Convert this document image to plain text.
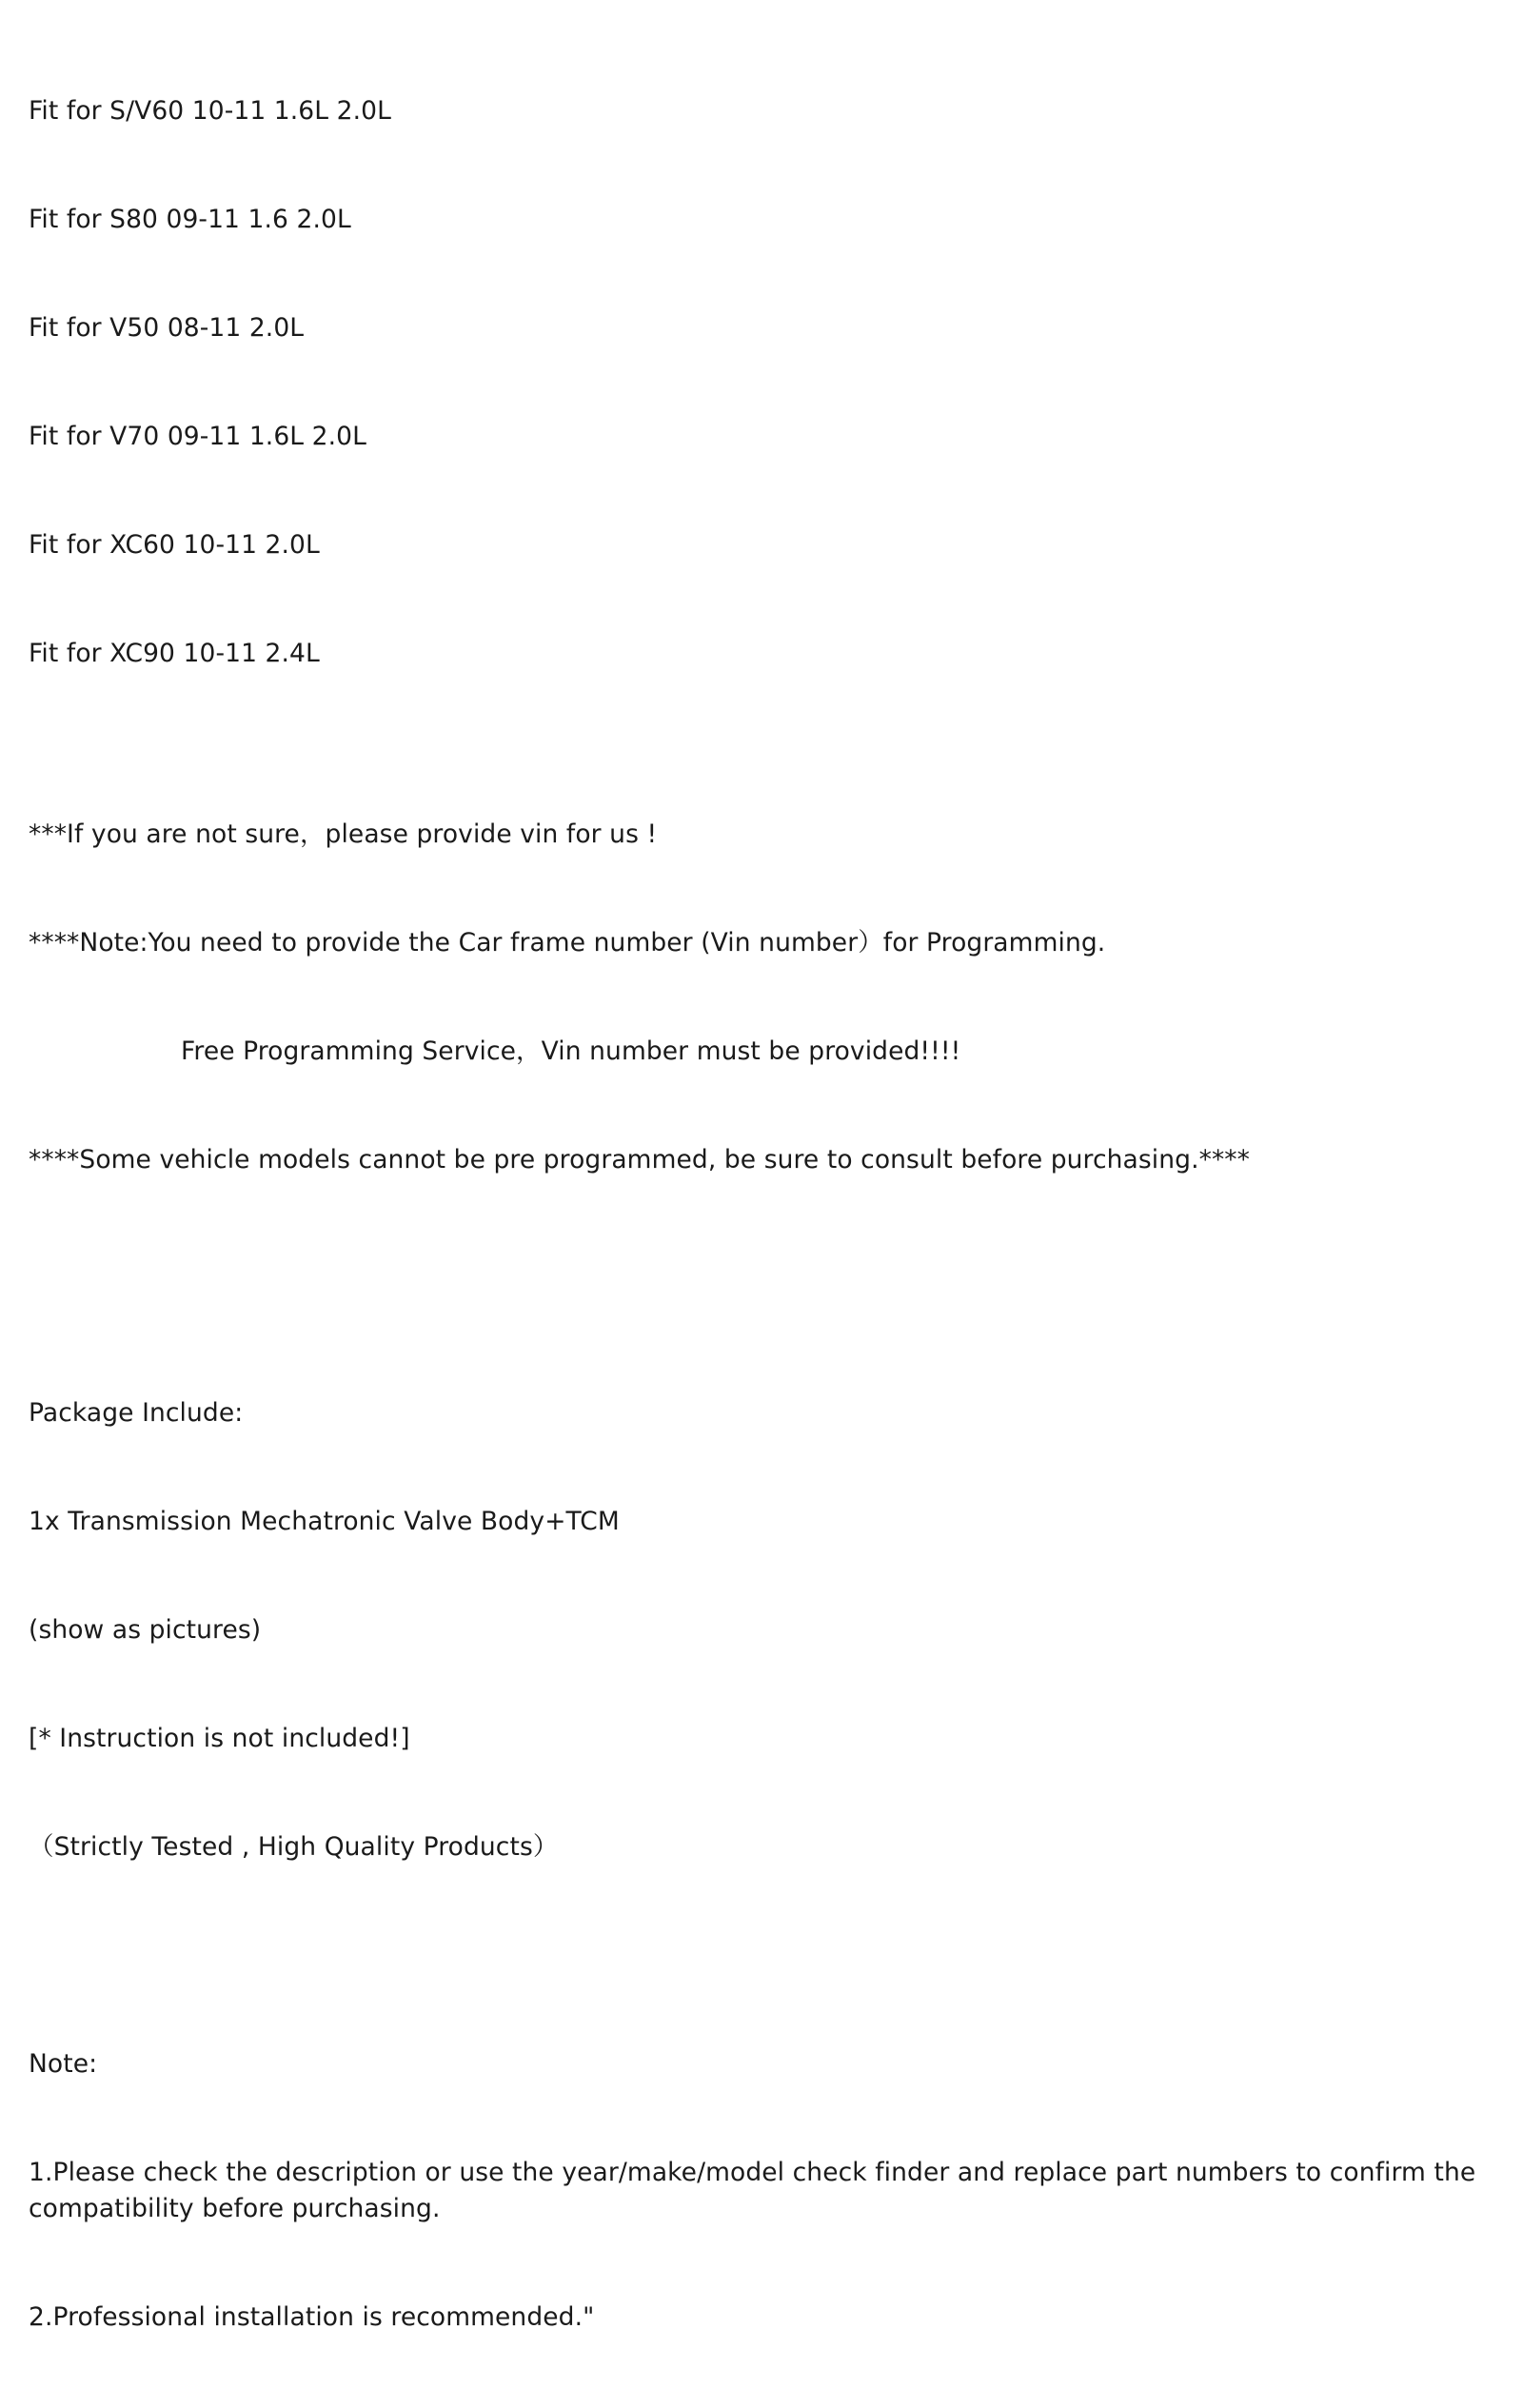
Fit for S/V60 10-11 1.6L 2.0L

Fit for S80 09-11 1.6 2.0L

Fit for V50 08-11 2.0L

Fit for V70 09-11 1.6L 2.0L

Fit for XC60 10-11 2.0L

Fit for XC90 10-11 2.4L

***If you are not sure，please provide vin for us !

****Note:You need to provide the Car frame number (Vin number）for Programming.

Free Programming Service，Vin number must be provided!!!!

****Some vehicle models cannot be pre programmed, be sure to consult before purchasing.****

Package Include:

1x Transmission Mechatronic Valve Body+TCM

(show as pictures)

[* Instruction is not included!]

（Strictly Tested , High Quality Products）

Note:

1.Please check the description or use the year/make/model check finder and replace part numbers to confirm the compatibility before purchasing.

2.Professional installation is recommended."
